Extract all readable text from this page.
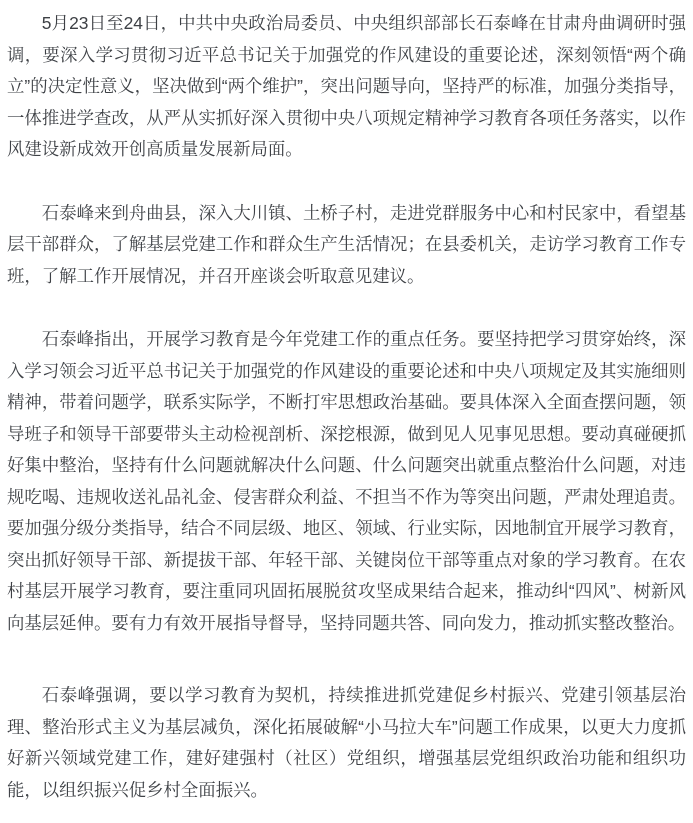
5月23日至24日，中共中央政治局委员、中央组织部部长石泰峰在甘肃舟曲调研时强调，要深入学习贯彻习近平总书记关于加强党的作风建设的重要论述，深刻领悟“两个确立”的决定性意义，坚决做到“两个维护”，突出问题导向，坚持严的标准，加强分类指导，一体推进学查改，从严从实抓好深入贯彻中央八项规定精神学习教育各项任务落实，以作风建设新成效开创高质量发展新局面。

石泰峰来到舟曲县，深入大川镇、土桥子村，走进党群服务中心和村民家中，看望基层干部群众，了解基层党建工作和群众生产生活情况；在县委机关，走访学习教育工作专班，了解工作开展情况，并召开座谈会听取意见建议。

石泰峰指出，开展学习教育是今年党建工作的重点任务。要坚持把学习贯穿始终，深入学习领会习近平总书记关于加强党的作风建设的重要论述和中央八项规定及其实施细则精神，带着问题学，联系实际学，不断打牢思想政治基础。要具体深入全面查摆问题，领导班子和领导干部要带头主动检视剖析、深挖根源，做到见人见事见思想。要动真碰硬抓好集中整治，坚持有什么问题就解决什么问题、什么问题突出就重点整治什么问题，对违规吃喝、违规收送礼品礼金、侵害群众利益、不担当不作为等突出问题，严肃处理追责。要加强分级分类指导，结合不同层级、地区、领域、行业实际，因地制宜开展学习教育，突出抓好领导干部、新提拔干部、年轻干部、关键岗位干部等重点对象的学习教育。在农村基层开展学习教育，要注重同巩固拓展脱贫攻坚成果结合起来，推动纠“四风”、树新风向基层延伸。要有力有效开展指导督导，坚持同题共答、同向发力，推动抓实整改整治。

石泰峰强调，要以学习教育为契机，持续推进抓党建促乡村振兴、党建引领基层治理、整治形式主义为基层减负，深化拓展破解“小马拉大车”问题工作成果，以更大力度抓好新兴领域党建工作，建好建强村（社区）党组织，增强基层党组织政治功能和组织功能，以组织振兴促乡村全面振兴。
